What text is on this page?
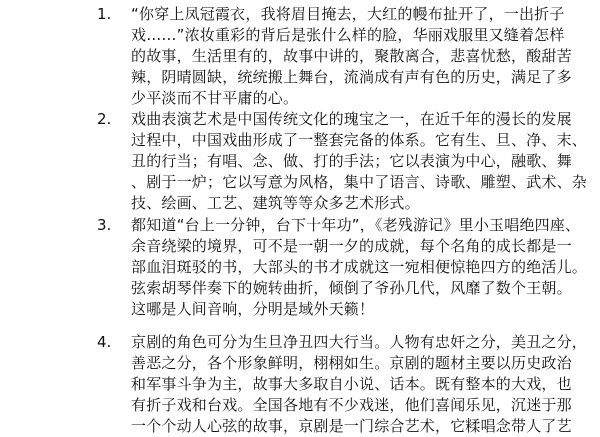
1. “你穿上凤冠霞衣，我将眉目掩去，大红的幔布扯开了，一出折子
戏……”浓妆重彩的背后是张什么样的脸，华丽戏服里又缝着怎样
的故事，生活里有的，故事中讲的，聚散离合，悲喜忧愁，酸甜苦
辣，阴晴圆缺，统统搬上舞台，流淌成有声有色的历史，满足了多
少平淡而不甘平庸的心。
2. 戏曲表演艺术是中国传统文化的瑰宝之一，在近千年的漫长的发展
过程中，中国戏曲形成了一整套完备的体系。它有生、旦、净、末、
丑的行当；有唱、念、做、打的手法；它以表演为中心，融歌、舞
、剧于一炉；它以写意为风格，集中了语言、诗歌、雕塑、武术、杂
技、绘画、工艺、建筑等等众多艺术形式。
3. 都知道“台上一分钟，台下十年功”，《老残游记》里小玉唱绝四座、
余音绕梁的境界，可不是一朝一夕的成就，每个名角的成长都是一
部血泪斑驳的书，大部头的书才成就这一宛相便惊艳四方的绝活儿。
弦索胡琴伴奏下的婉转曲折，倾倒了爷孙几代，风靡了数个王朝。
这哪是人间音响，分明是域外天籁！
4. 京剧的角色可分为生旦净丑四大行当。人物有忠奸之分，美丑之分，
善恶之分，各个形象鲜明，栩栩如生。京剧的题材主要以历史政治
和军事斗争为主，故事大多取自小说、话本。既有整本的大戏，也
有折子戏和台戏。全国各地有不少戏迷，他们喜闻乐见，沉迷于那
一个个动人心弦的故事，京剧是一门综合艺术，它糅唱念带人了艺
